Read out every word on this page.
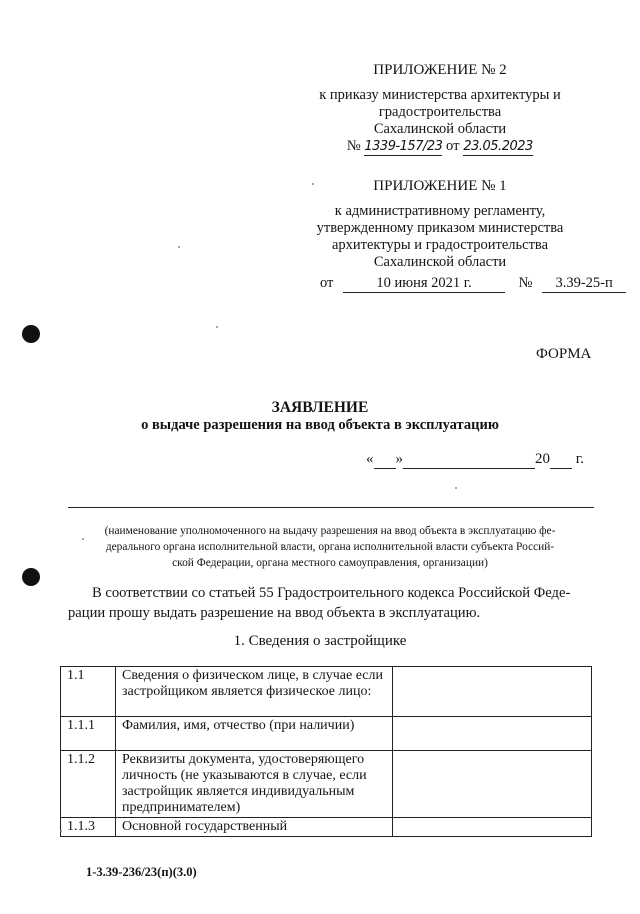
ПРИЛОЖЕНИЕ № 2
к приказу министерства архитектуры и
градостроительства
Сахалинской области
№ 1339-157/23 от 23.05.2023
ПРИЛОЖЕНИЕ № 1
к административному регламенту,
утвержденному приказом министерства
архитектуры и градостроительства
Сахалинской области
от	10 июня 2021 г.	№ 3.39-25-п
ФОРМА
ЗАЯВЛЕНИЕ
о выдаче разрешения на ввод объекта в эксплуатацию
« »	20 г.
(наименование уполномоченного на выдачу разрешения на ввод объекта в эксплуатацию фе-
дерального органа исполнительной власти, органа исполнительной власти субъекта Россий-
ской Федерации, органа местного самоуправления, организации)
В соответствии со статьей 55 Градостроительного кодекса Российской Феде-
рации прошу выдать разрешение на ввод объекта в эксплуатацию.
1. Сведения о застройщике
1.1	Сведения о физическом лице, в случае если застройщиком является физическое лицо:	
1.1.1	Фамилия, имя, отчество (при наличии)	
1.1.2	Реквизиты документа, удостоверяющего личность (не указываются в случае, если застройщик является индивидуальным предпринимателем)	
1.1.3	Основной государственный	
1-3.39-236/23(п)(3.0)
